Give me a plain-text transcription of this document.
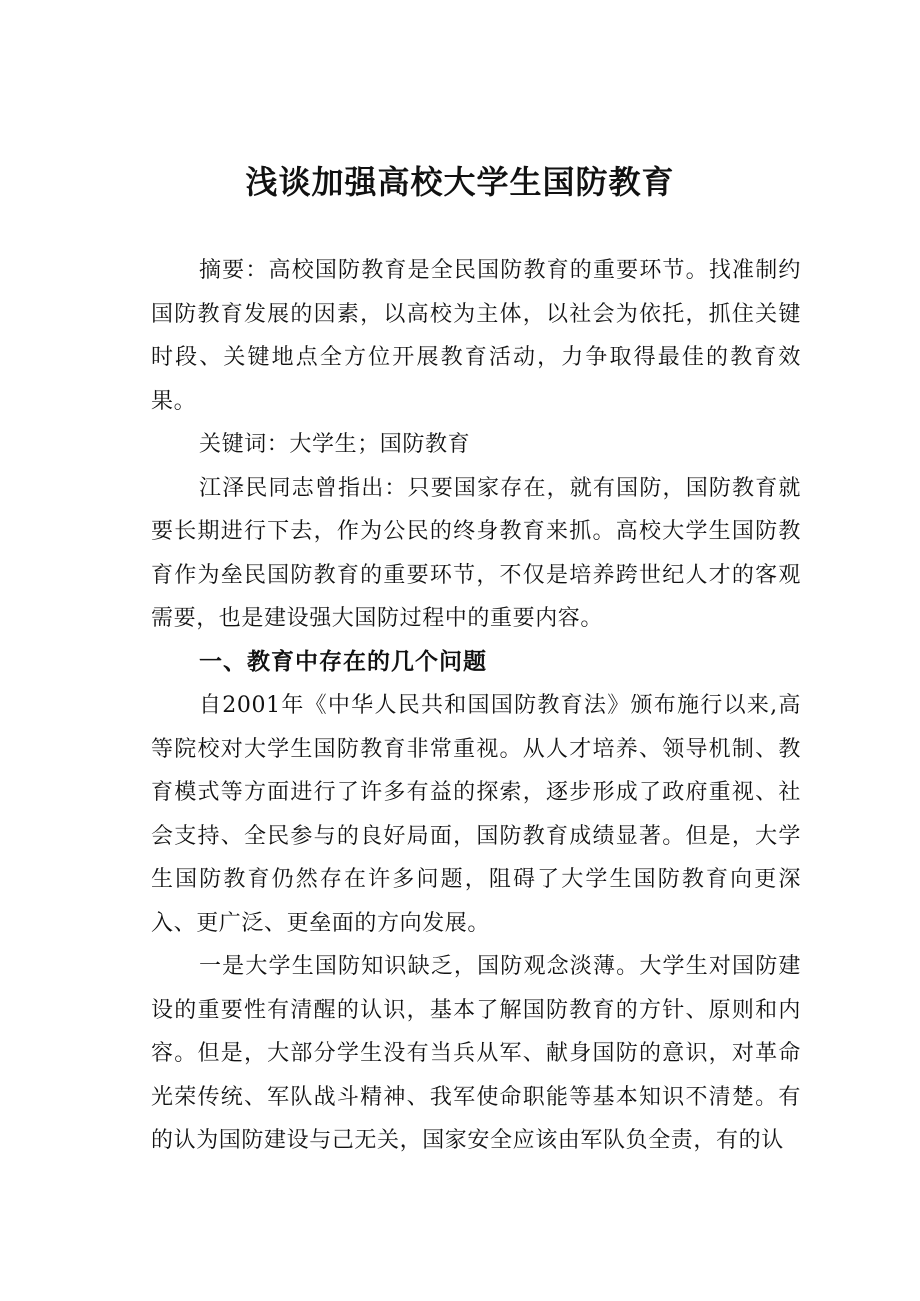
浅谈加强高校大学生国防教育

摘要：高校国防教育是全民国防教育的重要环节。找准制约国防教育发展的因素，以高校为主体，以社会为依托，抓住关键时段、关键地点全方位开展教育活动，力争取得最佳的教育效果。

关键词：大学生；国防教育

江泽民同志曾指出：只要国家存在，就有国防，国防教育就要长期进行下去，作为公民的终身教育来抓。高校大学生国防教育作为垒民国防教育的重要环节，不仅是培养跨世纪人才的客观需要，也是建设强大国防过程中的重要内容。

一、教育中存在的几个问题

自2001年《中华人民共和国国防教育法》颁布施行以来,高等院校对大学生国防教育非常重视。从人才培养、领导机制、教育模式等方面进行了许多有益的探索，逐步形成了政府重视、社会支持、全民参与的良好局面，国防教育成绩显著。但是，大学生国防教育仍然存在许多问题，阻碍了大学生国防教育向更深入、更广泛、更垒面的方向发展。

一是大学生国防知识缺乏，国防观念淡薄。大学生对国防建设的重要性有清醒的认识，基本了解国防教育的方针、原则和内容。但是，大部分学生没有当兵从军、献身国防的意识，对革命光荣传统、军队战斗精神、我军使命职能等基本知识不清楚。有的认为国防建设与己无关，国家安全应该由军队负全责，有的认
